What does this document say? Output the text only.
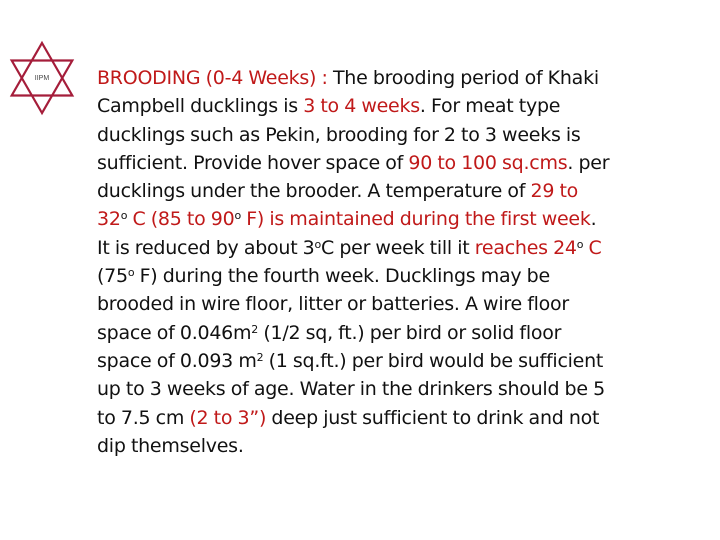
IIPM	BROODING (0-4 Weeks) : The brooding period of Khaki
Campbell ducklings is 3 to 4 weeks. For meat type
ducklings such as Pekin, brooding for 2 to 3 weeks is
sufficient. Provide hover space of 90 to 100 sq.cms. per
ducklings under the brooder. A temperature of 29 to
32$^o$ C (85 to 90$^o$ F) is maintained during the first week.
It is reduced by about 3$^o$C per week till it reaches 24$^o$ C
(75$^o$ F) during the fourth week. Ducklings may be
brooded in wire floor, litter or batteries. A wire floor
space of $0.046m^2$ (1/2 sq, ft.) per bird or solid floor
space of 0.093 $m^2$ (1 sq.ft.) per bird would be sufficient
up to 3 weeks of age. Water in the drinkers should be 5
to 7.5 cm (2 to 3”) deep just sufficient to drink and not
dip themselves.
